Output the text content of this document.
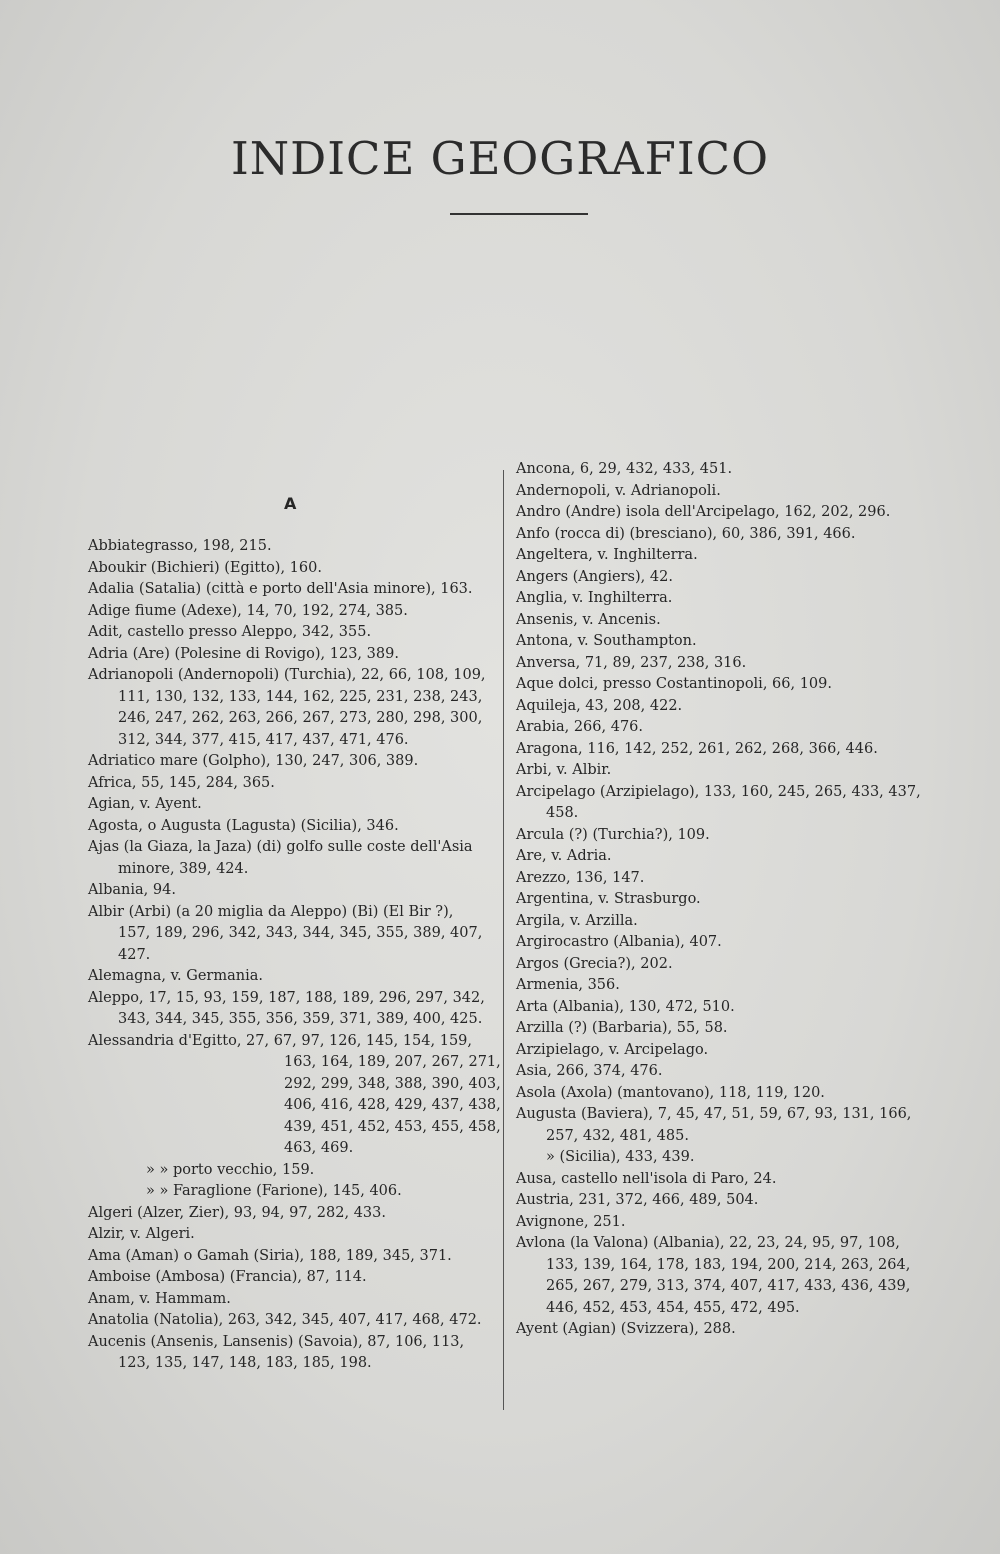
INDICE GEOGRAFICO
A
Abbiategrasso, 198, 215.
Aboukir (Bichieri) (Egitto), 160.
Adalia (Satalia) (città e porto dell'Asia minore), 163.
Adige fiume (Adexe), 14, 70, 192, 274, 385.
Adit, castello presso Aleppo, 342, 355.
Adria (Are) (Polesine di Rovigo), 123, 389.
Adrianopoli (Andernopoli) (Turchia), 22, 66, 108, 109,
111, 130, 132, 133, 144, 162, 225, 231, 238, 243,
246, 247, 262, 263, 266, 267, 273, 280, 298, 300,
312, 344, 377, 415, 417, 437, 471, 476.
Adriatico mare (Golpho), 130, 247, 306, 389.
Africa, 55, 145, 284, 365.
Agian, v. Ayent.
Agosta, o Augusta (Lagusta) (Sicilia), 346.
Ajas (la Giaza, la Jaza) (di) golfo sulle coste dell'Asia
minore, 389, 424.
Albania, 94.
Albir (Arbi) (a 20 miglia da Aleppo) (Bi) (El Bir ?),
157, 189, 296, 342, 343, 344, 345, 355, 389, 407,
427.
Alemagna, v. Germania.
Aleppo, 17, 15, 93, 159, 187, 188, 189, 296, 297, 342,
343, 344, 345, 355, 356, 359, 371, 389, 400, 425.
Alessandria d'Egitto, 27, 67, 97, 126, 145, 154, 159,
163, 164, 189, 207, 267, 271,
292, 299, 348, 388, 390, 403,
406, 416, 428, 429, 437, 438,
439, 451, 452, 453, 455, 458,
463, 469.
» » porto vecchio, 159.
» » Faraglione (Farione), 145, 406.
Algeri (Alzer, Zier), 93, 94, 97, 282, 433.
Alzir, v. Algeri.
Ama (Aman) o Gamah (Siria), 188, 189, 345, 371.
Amboise (Ambosa) (Francia), 87, 114.
Anam, v. Hammam.
Anatolia (Natolia), 263, 342, 345, 407, 417, 468, 472.
Aucenis (Ansenis, Lansenis) (Savoia), 87, 106, 113,
123, 135, 147, 148, 183, 185, 198.
Ancona, 6, 29, 432, 433, 451.
Andernopoli, v. Adrianopoli.
Andro (Andre) isola dell'Arcipelago, 162, 202, 296.
Anfo (rocca di) (bresciano), 60, 386, 391, 466.
Angeltera, v. Inghilterra.
Angers (Angiers), 42.
Anglia, v. Inghilterra.
Ansenis, v. Ancenis.
Antona, v. Southampton.
Anversa, 71, 89, 237, 238, 316.
Aque dolci, presso Costantinopoli, 66, 109.
Aquileja, 43, 208, 422.
Arabia, 266, 476.
Aragona, 116, 142, 252, 261, 262, 268, 366, 446.
Arbi, v. Albir.
Arcipelago (Arzipielago), 133, 160, 245, 265, 433, 437,
458.
Arcula (?) (Turchia?), 109.
Are, v. Adria.
Arezzo, 136, 147.
Argentina, v. Strasburgo.
Argila, v. Arzilla.
Argirocastro (Albania), 407.
Argos (Grecia?), 202.
Armenia, 356.
Arta (Albania), 130, 472, 510.
Arzilla (?) (Barbaria), 55, 58.
Arzipielago, v. Arcipelago.
Asia, 266, 374, 476.
Asola (Axola) (mantovano), 118, 119, 120.
Augusta (Baviera), 7, 45, 47, 51, 59, 67, 93, 131, 166,
257, 432, 481, 485.
» (Sicilia), 433, 439.
Ausa, castello nell'isola di Paro, 24.
Austria, 231, 372, 466, 489, 504.
Avignone, 251.
Avlona (la Valona) (Albania), 22, 23, 24, 95, 97, 108,
133, 139, 164, 178, 183, 194, 200, 214, 263, 264,
265, 267, 279, 313, 374, 407, 417, 433, 436, 439,
446, 452, 453, 454, 455, 472, 495.
Ayent (Agian) (Svizzera), 288.
